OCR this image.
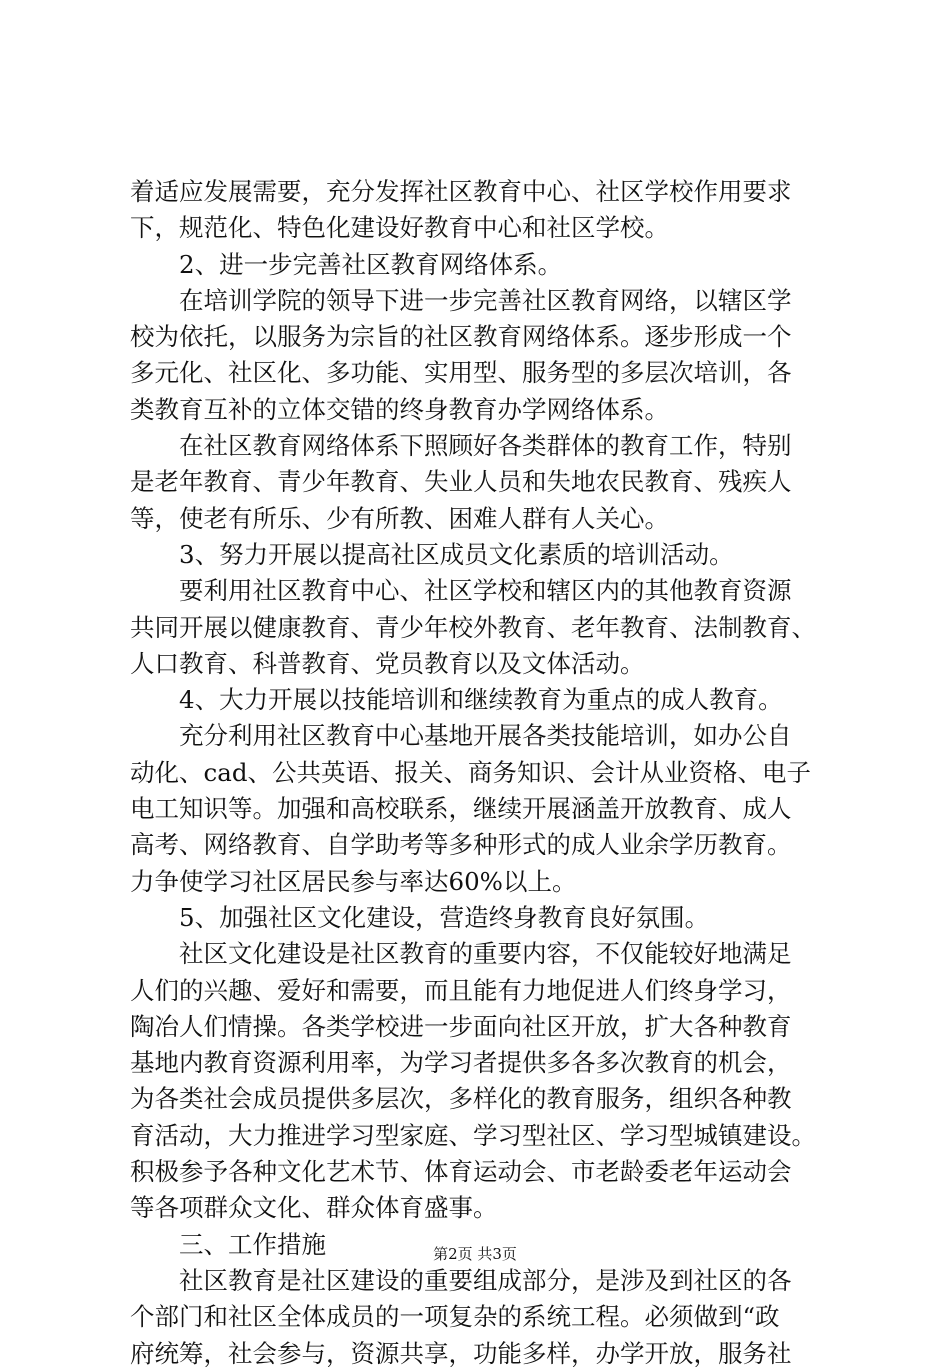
着适应发展需要，充分发挥社区教育中心、社区学校作用要求
下，规范化、特色化建设好教育中心和社区学校。
2、进一步完善社区教育网络体系。
在培训学院的领导下进一步完善社区教育网络，以辖区学
校为依托，以服务为宗旨的社区教育网络体系。逐步形成一个
多元化、社区化、多功能、实用型、服务型的多层次培训，各
类教育互补的立体交错的终身教育办学网络体系。
在社区教育网络体系下照顾好各类群体的教育工作，特别
是老年教育、青少年教育、失业人员和失地农民教育、残疾人
等，使老有所乐、少有所教、困难人群有人关心。
3、努力开展以提高社区成员文化素质的培训活动。
要利用社区教育中心、社区学校和辖区内的其他教育资源
共同开展以健康教育、青少年校外教育、老年教育、法制教育、
人口教育、科普教育、党员教育以及文体活动。
4、大力开展以技能培训和继续教育为重点的成人教育。
充分利用社区教育中心基地开展各类技能培训，如办公自
动化、cad、公共英语、报关、商务知识、会计从业资格、电子
电工知识等。加强和高校联系，继续开展涵盖开放教育、成人
高考、网络教育、自学助考等多种形式的成人业余学历教育。
力争使学习社区居民参与率达60%以上。
5、加强社区文化建设，营造终身教育良好氛围。
社区文化建设是社区教育的重要内容，不仅能较好地满足
人们的兴趣、爱好和需要，而且能有力地促进人们终身学习，
陶冶人们情操。各类学校进一步面向社区开放，扩大各种教育
基地内教育资源利用率，为学习者提供多各多次教育的机会，
为各类社会成员提供多层次，多样化的教育服务，组织各种教
育活动，大力推进学习型家庭、学习型社区、学习型城镇建设。
积极参予各种文化艺术节、体育运动会、市老龄委老年运动会
等各项群众文化、群众体育盛事。
三、工作措施
社区教育是社区建设的重要组成部分，是涉及到社区的各
个部门和社区全体成员的一项复杂的系统工程。必须做到“政
府统筹，社会参与，资源共享，功能多样，办学开放，服务社
第2页 共3页
